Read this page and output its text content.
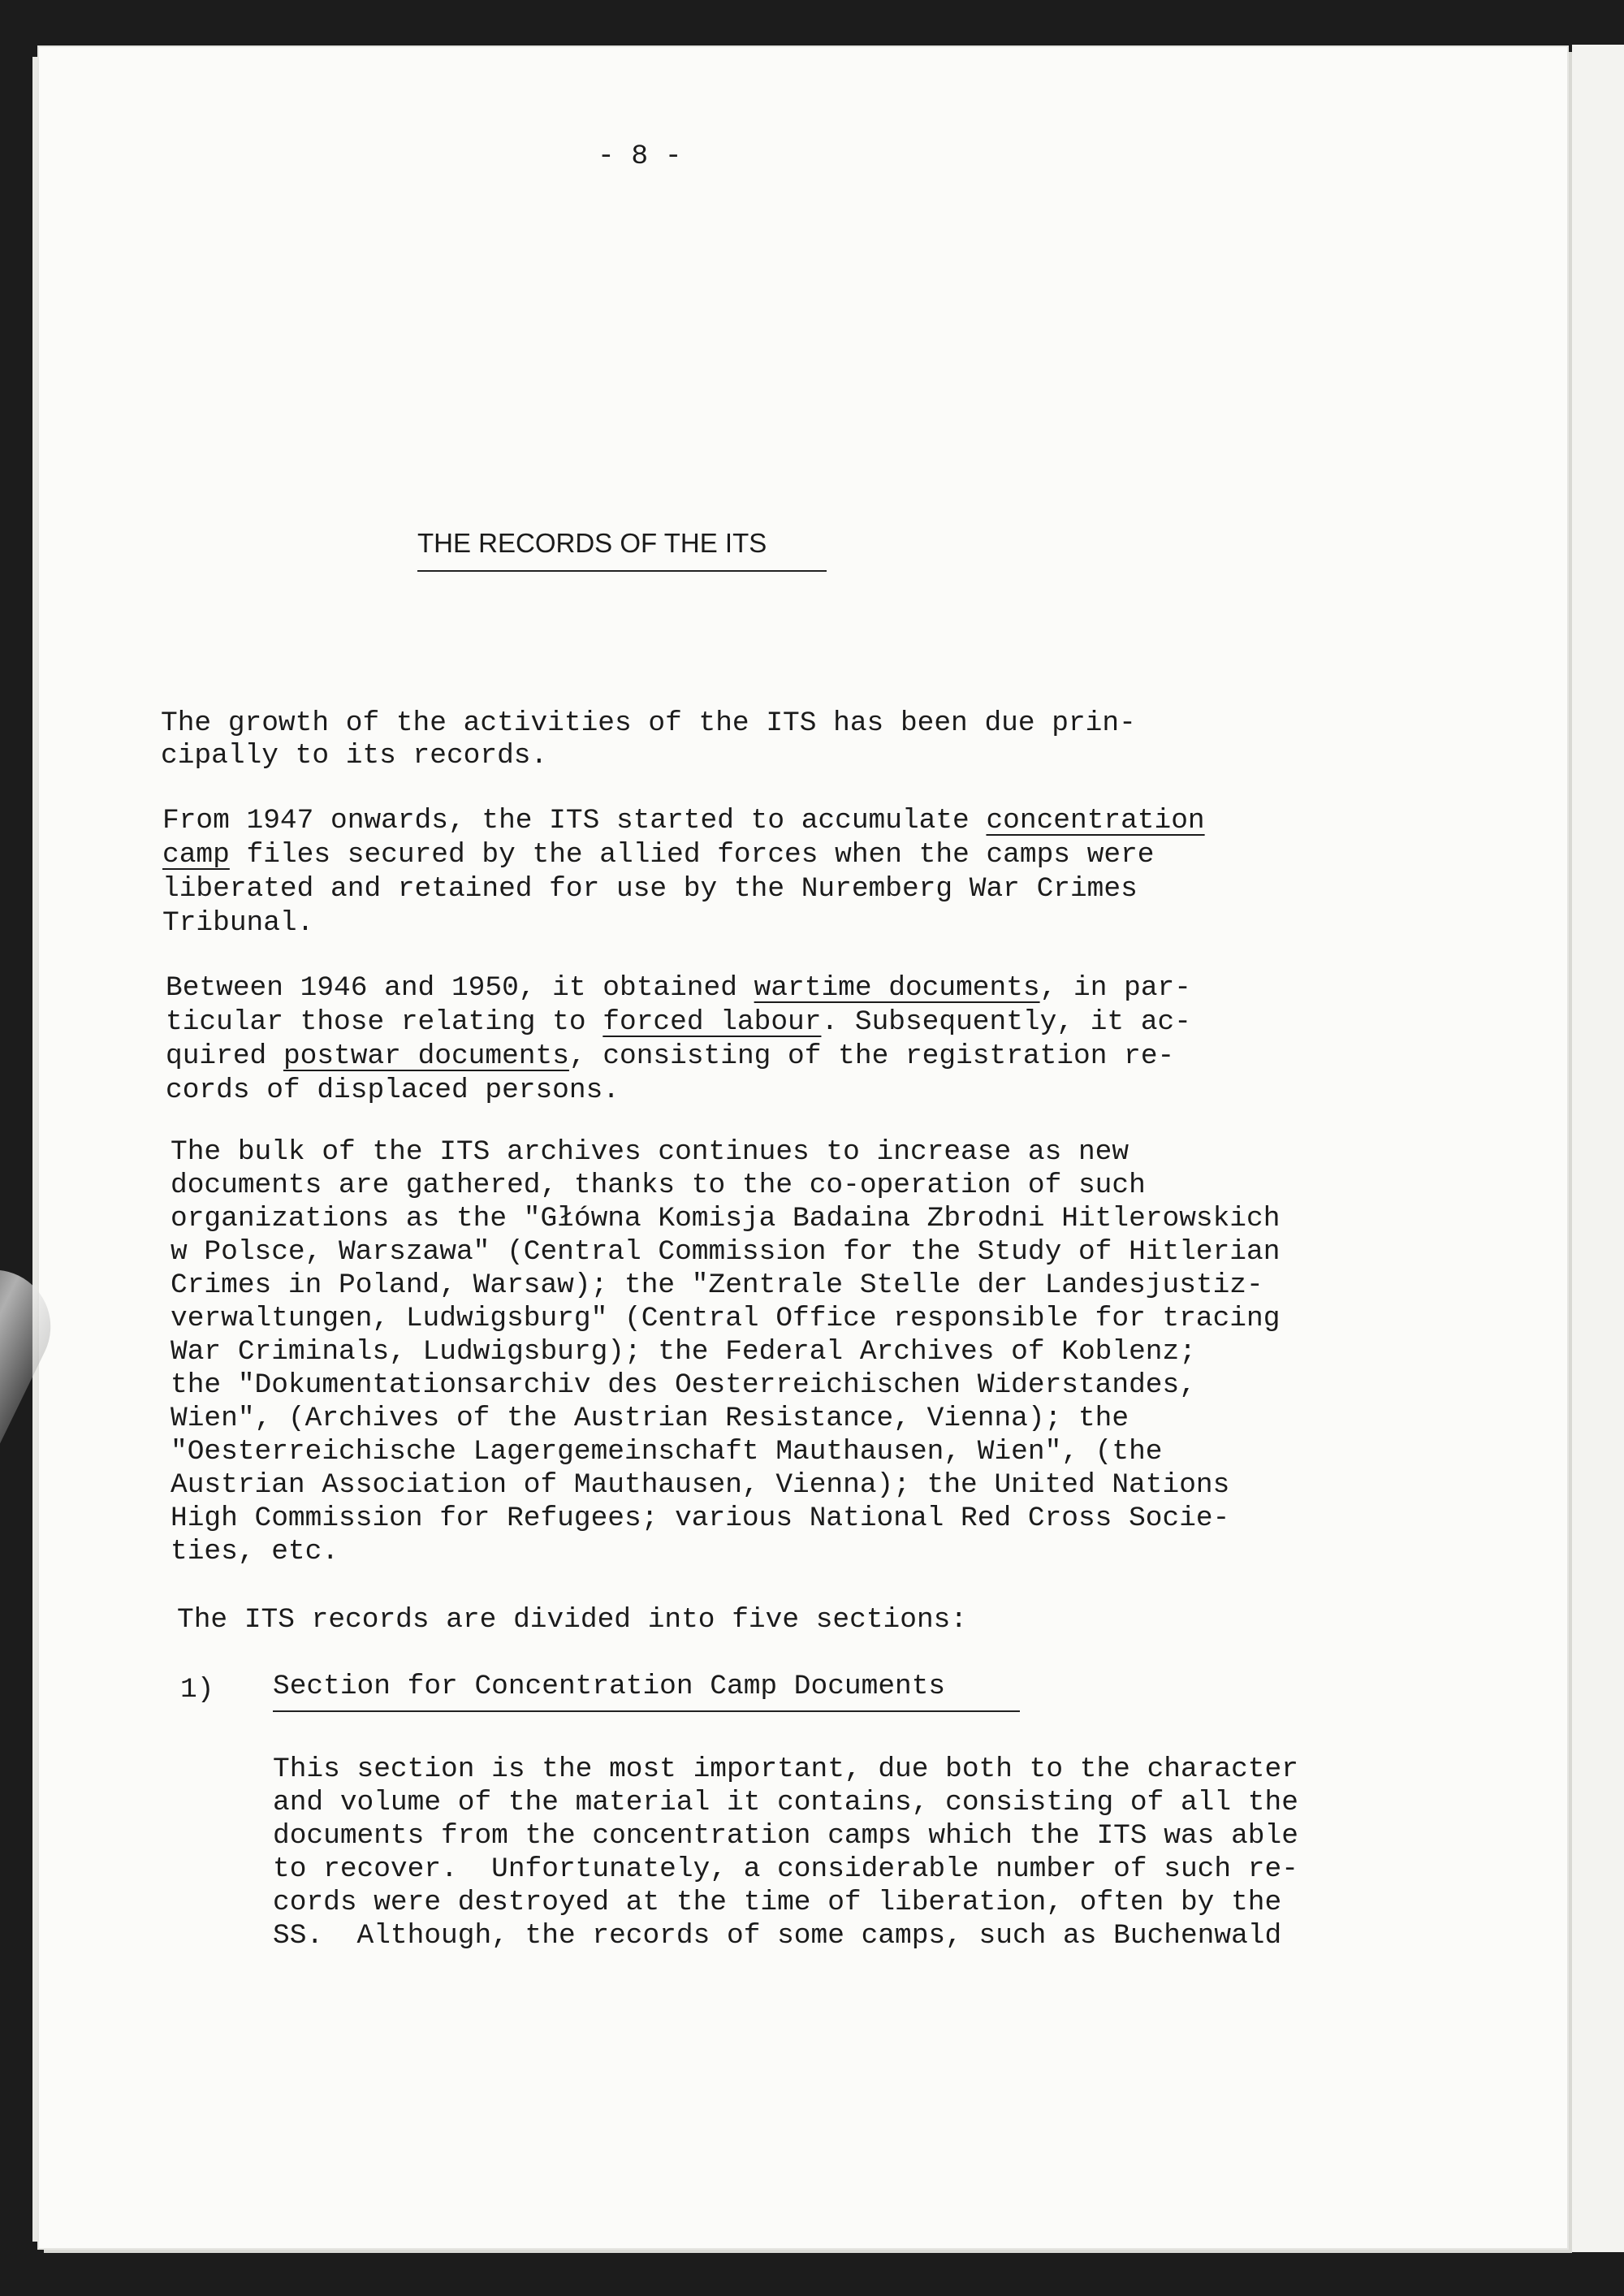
- 8 -
THE RECORDS OF THE ITS
The growth of the activities of the ITS has been due prin-
cipally to its records.
From 1947 onwards, the ITS started to accumulate concentration
camp files secured by the allied forces when the camps were
liberated and retained for use by the Nuremberg War Crimes
Tribunal.
Between 1946 and 1950, it obtained wartime documents, in par-
ticular those relating to forced labour. Subsequently, it ac-
quired postwar documents, consisting of the registration re-
cords of displaced persons.
The bulk of the ITS archives continues to increase as new
documents are gathered, thanks to the co-operation of such
organizations as the "Główna Komisja Badaina Zbrodni Hitlerowskich
w Polsce, Warszawa" (Central Commission for the Study of Hitlerian
Crimes in Poland, Warsaw); the "Zentrale Stelle der Landesjustiz-
verwaltungen, Ludwigsburg" (Central Office responsible for tracing
War Criminals, Ludwigsburg); the Federal Archives of Koblenz;
the "Dokumentationsarchiv des Oesterreichischen Widerstandes,
Wien", (Archives of the Austrian Resistance, Vienna); the
"Oesterreichische Lagergemeinschaft Mauthausen, Wien", (the
Austrian Association of Mauthausen, Vienna); the United Nations
High Commission for Refugees; various National Red Cross Socie-
ties, etc.
The ITS records are divided into five sections:
1) Section for Concentration Camp Documents
This section is the most important, due both to the character
and volume of the material it contains, consisting of all the
documents from the concentration camps which the ITS was able
to recover.  Unfortunately, a considerable number of such re-
cords were destroyed at the time of liberation, often by the
SS.  Although, the records of some camps, such as Buchenwald
